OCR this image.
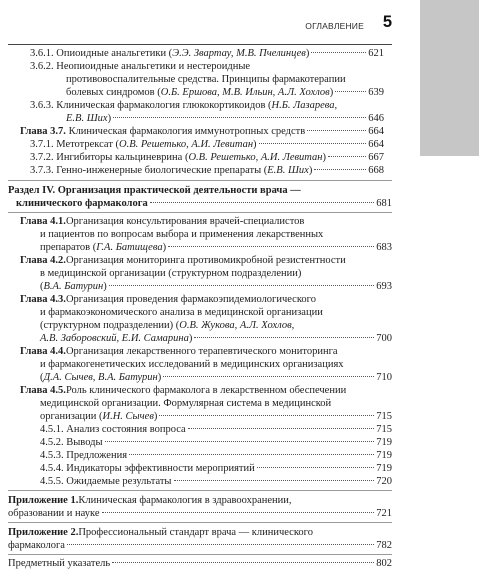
ОГЛАВЛЕНИЕ 5
3.6.1. Опиоидные анальгетики (Э.Э. Звартау, М.В. Пчелинцев)	621
3.6.2. Неопиоидные анальгетики и нестероидные
противовоспалительные средства. Принципы фармакотерапии
болевых синдромов (О.Б. Ершова, М.В. Ильин, А.Л. Хохлов)	639
3.6.3. Клиническая фармакология глюкокортикоидов ( Н.Б. Лазарева,
Е.В. Ших)	646
Глава 3.7. Клиническая фармакология иммунотропных средств	664
3.7.1. Метотрексат (О.В. Решетько, А.И. Левитан)	664
3.7.2. Ингибиторы кальциневрина (О.В. Решетько, А.И. Левитан)	667
3.7.3. Генно-инженерные биологические препараты (Е.В. Ших)	668
Раздел IV. Организация практической деятельности врача —
клинического фармаколога	681
Глава 4.1. Организация консультирования врачей-специалистов
и пациентов по вопросам выбора и применения лекарственных
препаратов (Г.А. Батищева)	683
Глава 4.2. Организация мониторинга противомикробной резистентности
в медицинской организации (структурном подразделении)
(В.А. Батурин)	693
Глава 4.3. Организация проведения фармакоэпидемиологического
и фармакоэкономического анализа в медицинской организации
(структурном подразделении) ( О.В. Жукова, А.Л. Хохлов,
А.В. Заборовский, Е.И. Самарина)	700
Глава 4.4. Организация лекарственного терапевтического мониторинга
и фармакогенетических исследований в медицинских организациях
(Д.А. Сычев, В.А. Батурин)	710
Глава 4.5. Роль клинического фармаколога в лекарственном обеспечении
медицинской организации. Формулярная система в медицинской
организации (И.Н. Сычев)	715
4.5.1. Анализ состояния вопроса	715
4.5.2. Выводы	719
4.5.3. Предложения	719
4.5.4. Индикаторы эффективности мероприятий	719
4.5.5. Ожидаемые результаты	720
Приложение 1. Клиническая фармакология в здравоохранении,
образовании и науке	721
Приложение 2. Профессиональный стандарт врача — клинического
фармаколога	782
Предметный указатель	802
